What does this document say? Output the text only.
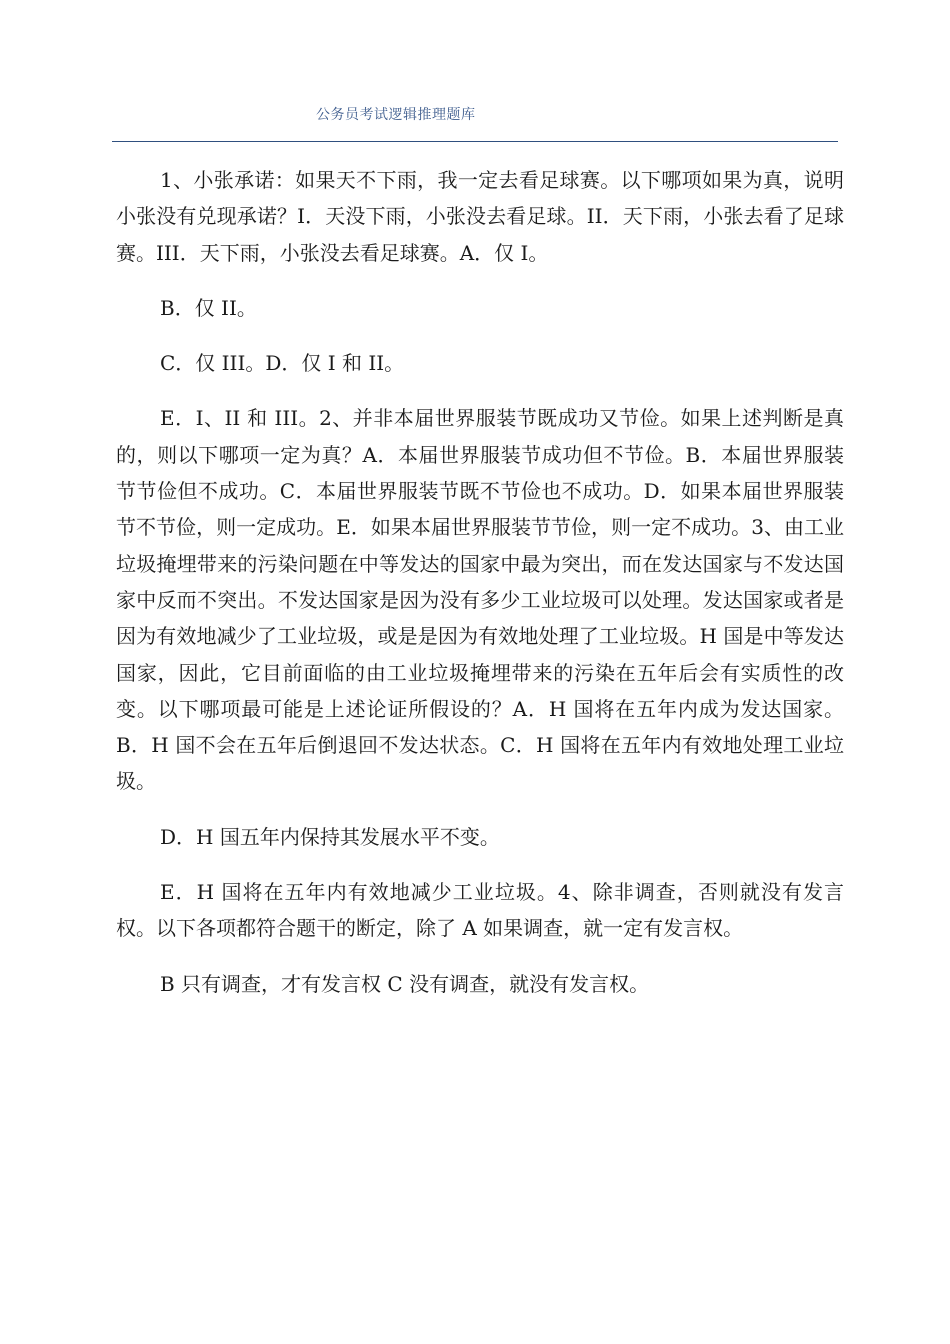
公务员考试逻辑推理题库

1、小张承诺：如果天不下雨，我一定去看足球赛。以下哪项如果为真，说明小张没有兑现承诺？I．天没下雨，小张没去看足球。II．天下雨，小张去看了足球赛。III．天下雨，小张没去看足球赛。A．仅 I。

B．仅 II。

C．仅 III。D．仅 I 和 II。

E．I、II 和 III。2、并非本届世界服装节既成功又节俭。如果上述判断是真的，则以下哪项一定为真？A．本届世界服装节成功但不节俭。B．本届世界服装节节俭但不成功。C．本届世界服装节既不节俭也不成功。D．如果本届世界服装节不节俭，则一定成功。E．如果本届世界服装节节俭，则一定不成功。3、由工业垃圾掩埋带来的污染问题在中等发达的国家中最为突出，而在发达国家与不发达国家中反而不突出。不发达国家是因为没有多少工业垃圾可以处理。发达国家或者是因为有效地减少了工业垃圾，或是是因为有效地处理了工业垃圾。H 国是中等发达国家，因此，它目前面临的由工业垃圾掩埋带来的污染在五年后会有实质性的改变。以下哪项最可能是上述论证所假设的？A．H 国将在五年内成为发达国家。B．H 国不会在五年后倒退回不发达状态。C．H 国将在五年内有效地处理工业垃圾。

D．H 国五年内保持其发展水平不变。

E．H 国将在五年内有效地减少工业垃圾。4、除非调查，否则就没有发言权。以下各项都符合题干的断定，除了 A 如果调查，就一定有发言权。

B 只有调查，才有发言权 C 没有调查，就没有发言权。
